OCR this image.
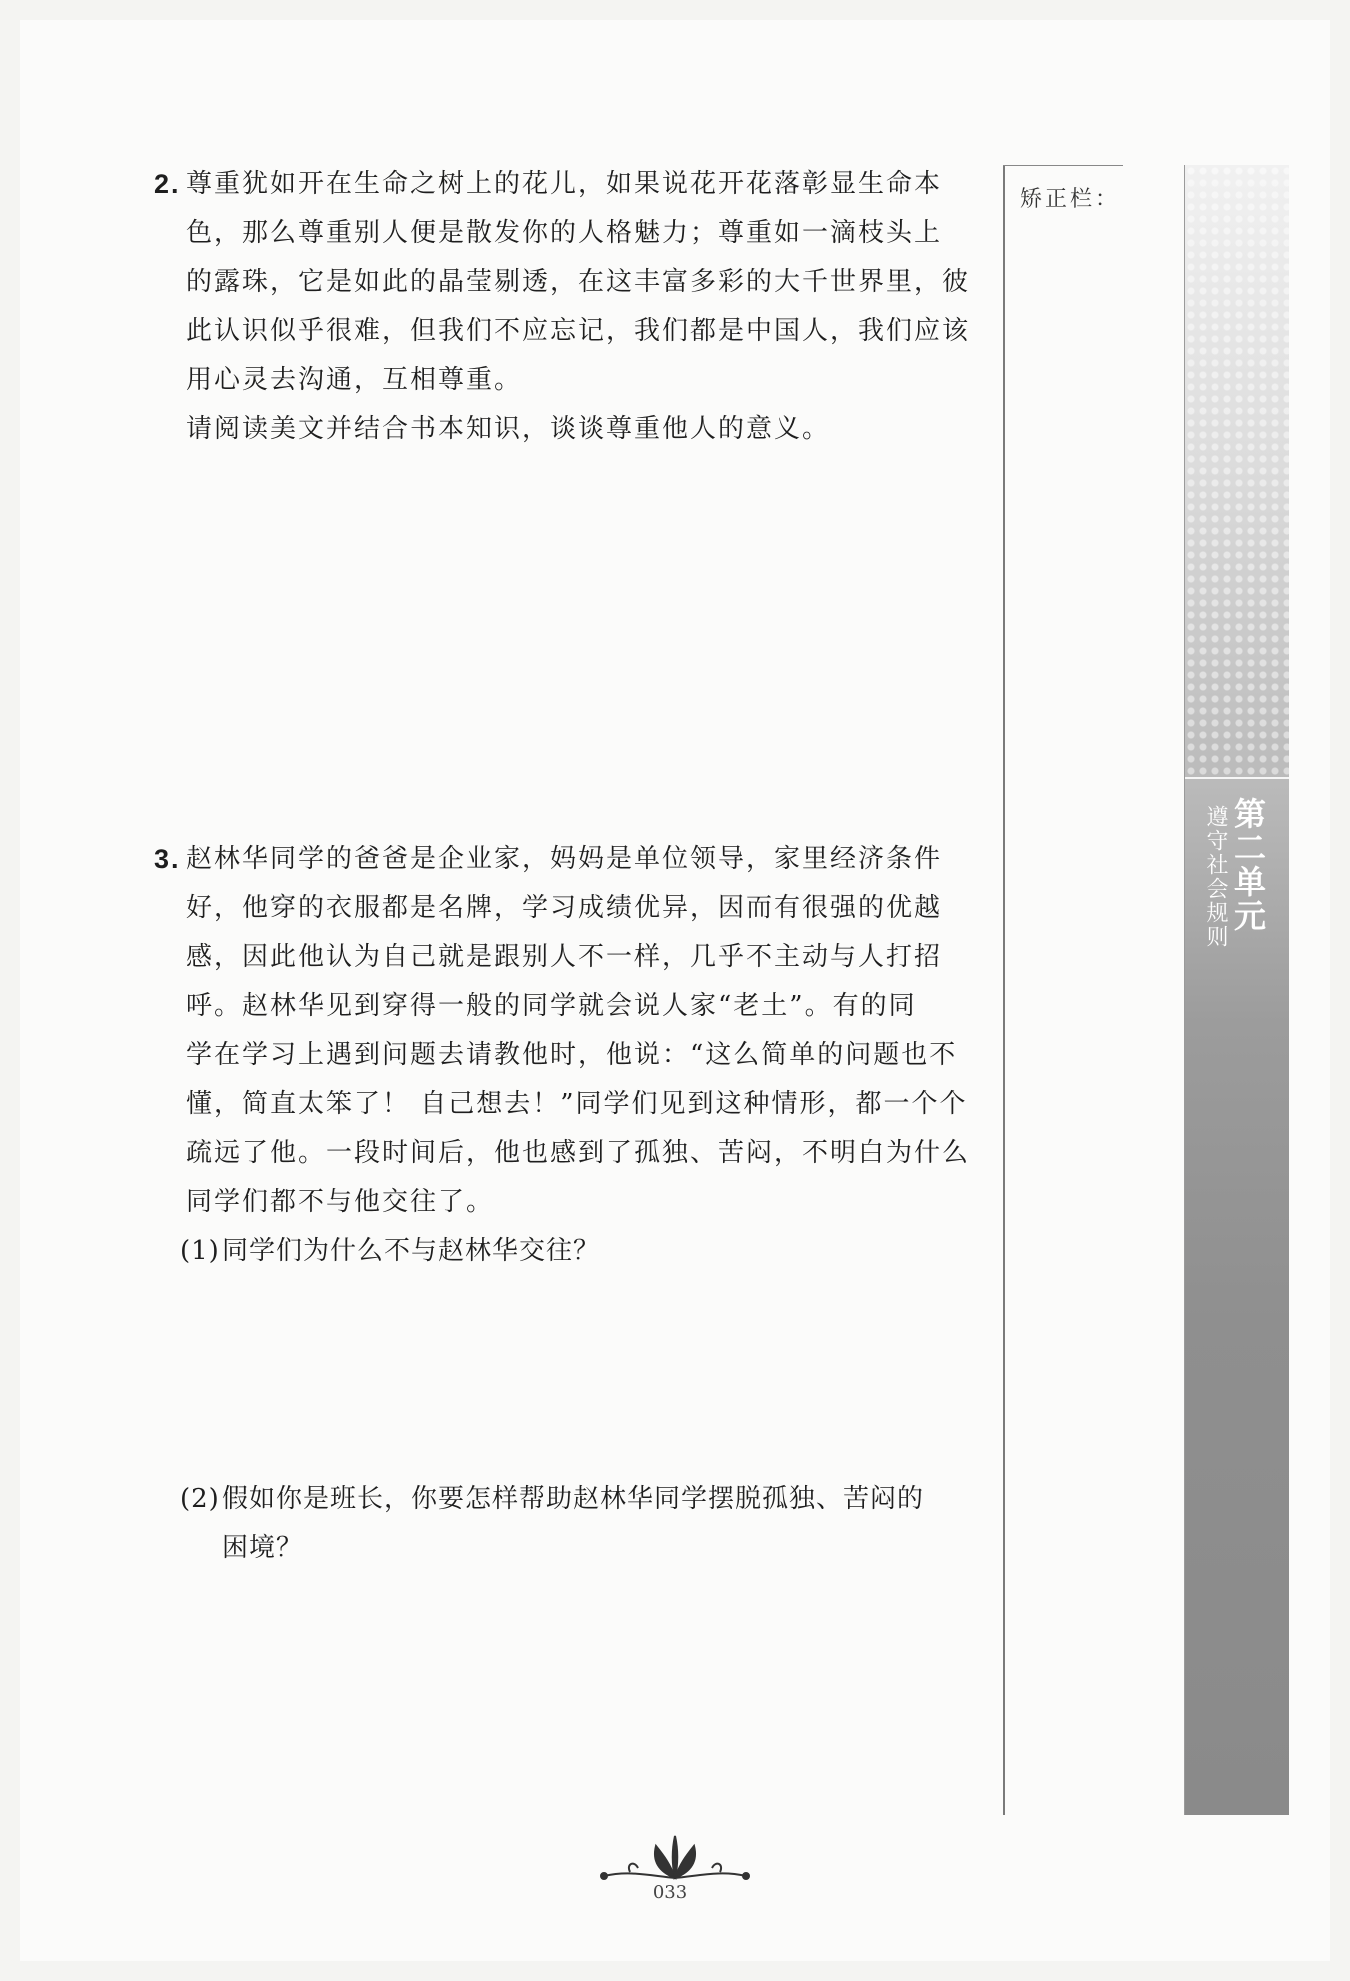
2. 尊重犹如开在生命之树上的花儿，如果说花开花落彰显生命本
色，那么尊重别人便是散发你的人格魅力；尊重如一滴枝头上
的露珠，它是如此的晶莹剔透，在这丰富多彩的大千世界里，彼
此认识似乎很难，但我们不应忘记，我们都是中国人，我们应该
用心灵去沟通，互相尊重。
请阅读美文并结合书本知识，谈谈尊重他人的意义。
3. 赵林华同学的爸爸是企业家，妈妈是单位领导，家里经济条件
好，他穿的衣服都是名牌，学习成绩优异，因而有很强的优越
感，因此他认为自己就是跟别人不一样，几乎不主动与人打招
呼。赵林华见到穿得一般的同学就会说人家“老土”。有的同
学在学习上遇到问题去请教他时，他说：“这么简单的问题也不
懂，简直太笨了！ 自己想去！”同学们见到这种情形，都一个个
疏远了他。一段时间后，他也感到了孤独、苦闷，不明白为什么
同学们都不与他交往了。
(1) 同学们为什么不与赵林华交往？
(2) 假如你是班长，你要怎样帮助赵林华同学摆脱孤独、苦闷的
困境？
矫正栏：
第二单元
遵守社会规则
033
